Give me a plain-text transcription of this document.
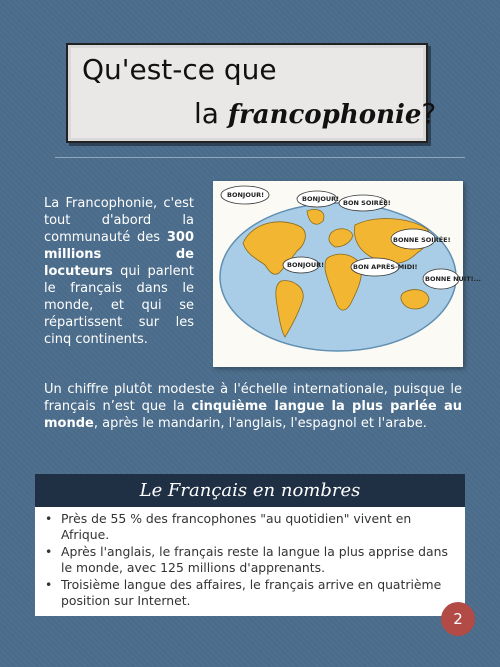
Qu'est-ce que
la francophonie?
La Francophonie, c'est tout d'abord la communauté des 300 millions de locuteurs qui parlent le français dans le monde, et qui se répartissent sur les cinq continents.
BONJOUR!	BONJOUR! BON SOIRÉE!
BONNE SOIRÉE!
BONJOUR!	BON APRÈS-MIDI!
BONNE NUIT!...
Un chiffre plutôt modeste à l'échelle internationale, puisque le français n’est que la cinquième langue la plus parlée au monde, après le mandarin, l'anglais, l'espagnol et l'arabe.
Le Français en nombres
• Près de 55 % des francophones "au quotidien" vivent en Afrique.
• Après l'anglais, le français reste la langue la plus apprise dans le monde, avec 125 millions d'apprenants.
• Troisième langue des affaires, le français arrive en quatrième position sur Internet.
2
